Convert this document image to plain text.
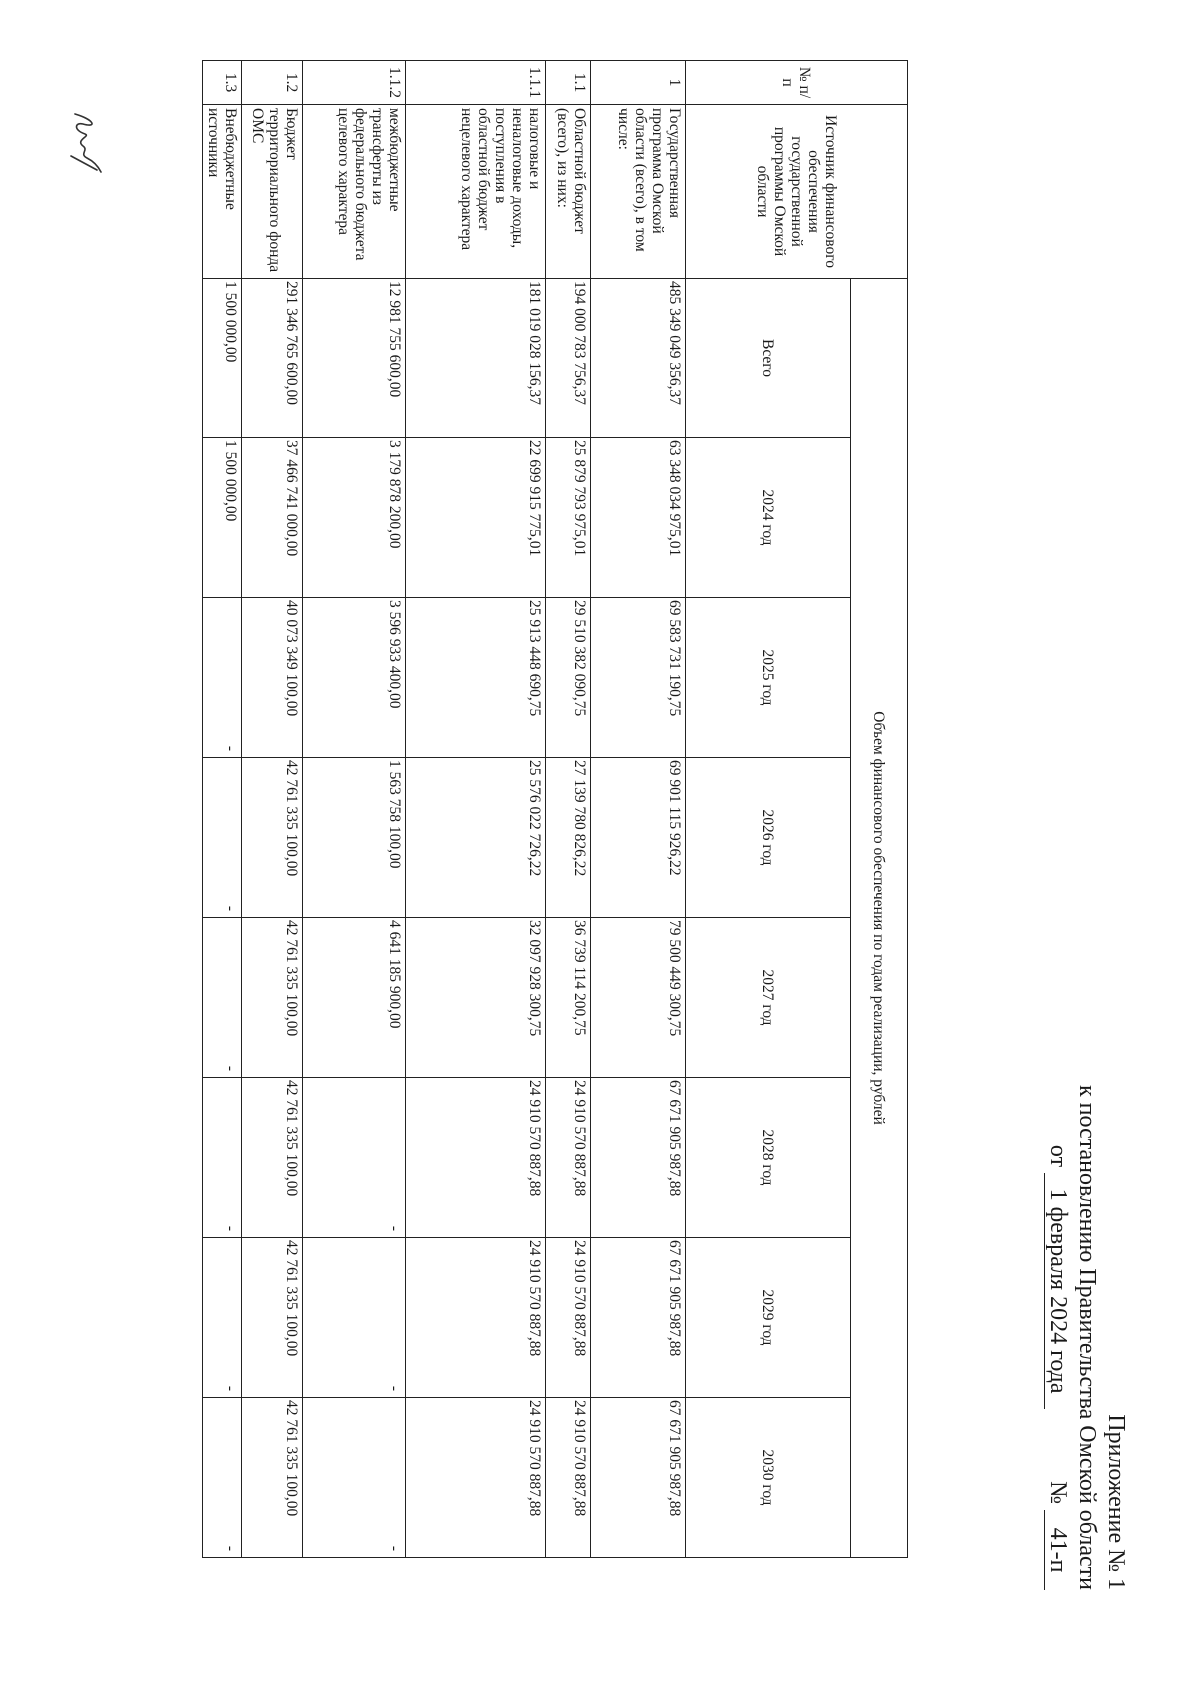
Приложение № 1
к постановлению Правительства Омской области
от 1 февраля 2024 года  № 41-п
№ п/п	Источник финансового обеспечения государственной программы Омской области	Объем финансового обеспечения по годам реализации, рублей							
		Всего	2024 год	2025 год	2026 год	2027 год	2028 год	2029 год	2030 год
1	Государственная программа Омской области (всего), в том числе:	485 349 049 356,37	63 348 034 975,01	69 583 731 190,75	69 901 115 926,22	79 500 449 300,75	67 671 905 987,88	67 671 905 987,88	67 671 905 987,88
1.1	Областной бюджет (всего), из них:	194 000 783 756,37	25 879 793 975,01	29 510 382 090,75	27 139 780 826,22	36 739 114 200,75	24 910 570 887,88	24 910 570 887,88	24 910 570 887,88
1.1.1	налоговые и неналоговые доходы, поступления в областной бюджет нецелевого характера	181 019 028 156,37	22 699 915 775,01	25 913 448 690,75	25 576 022 726,22	32 097 928 300,75	24 910 570 887,88	24 910 570 887,88	24 910 570 887,88
1.1.2	межбюджетные трансферты из федерального бюджета целевого характера	12 981 755 600,00	3 179 878 200,00	3 596 933 400,00	1 563 758 100,00	4 641 185 900,00	-	-	-
1.2	Бюджет территориального фонда ОМС	291 346 765 600,00	37 466 741 000,00	40 073 349 100,00	42 761 335 100,00	42 761 335 100,00	42 761 335 100,00	42 761 335 100,00	42 761 335 100,00
1.3	Внебюджетные источники	1 500 000,00	1 500 000,00	-	-	-	-	-	-
